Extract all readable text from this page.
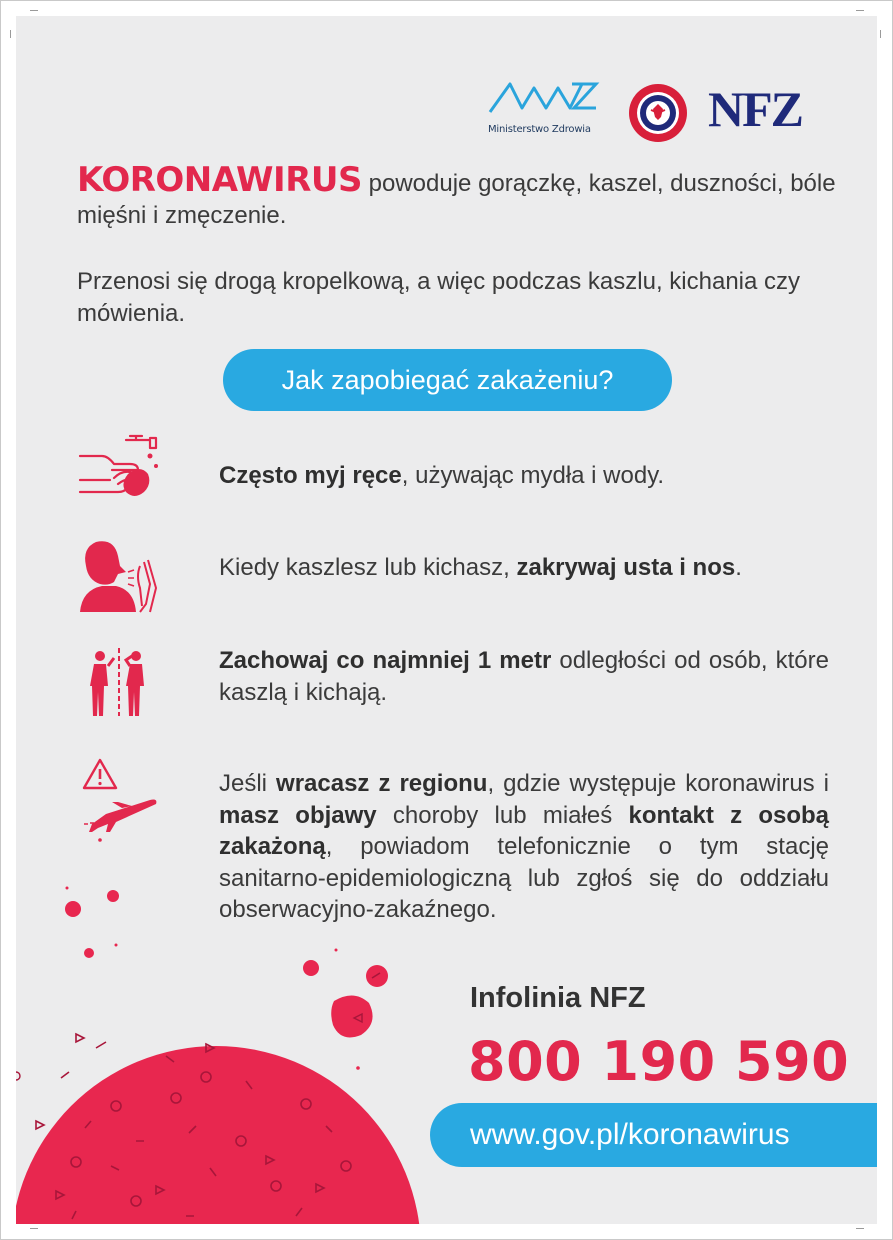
Ministerstwo Zdrowia NFZ

KORONAWIRUS powoduje gorączkę, kaszel, duszności, bóle mięśni i zmęczenie.

Przenosi się drogą kropelkową, a więc podczas kaszlu, kichania czy mówienia.

Jak zapobiegać zakażeniu?
Często myj ręce, używając mydła i wody.
Kiedy kaszlesz lub kichasz, zakrywaj usta i nos.
Zachowaj co najmniej 1 metr odległości od osób, które kaszlą i kichają.
Jeśli wracasz z regionu, gdzie występuje koronawirus i masz objawy choroby lub miałeś kontakt z osobą zakażoną, powiadom telefonicznie o tym stację sanitarno-epidemiologiczną lub zgłoś się do oddziału obserwacyjno-zakaźnego.
Infolinia NFZ
800 190 590
www.gov.pl/koronawirus
